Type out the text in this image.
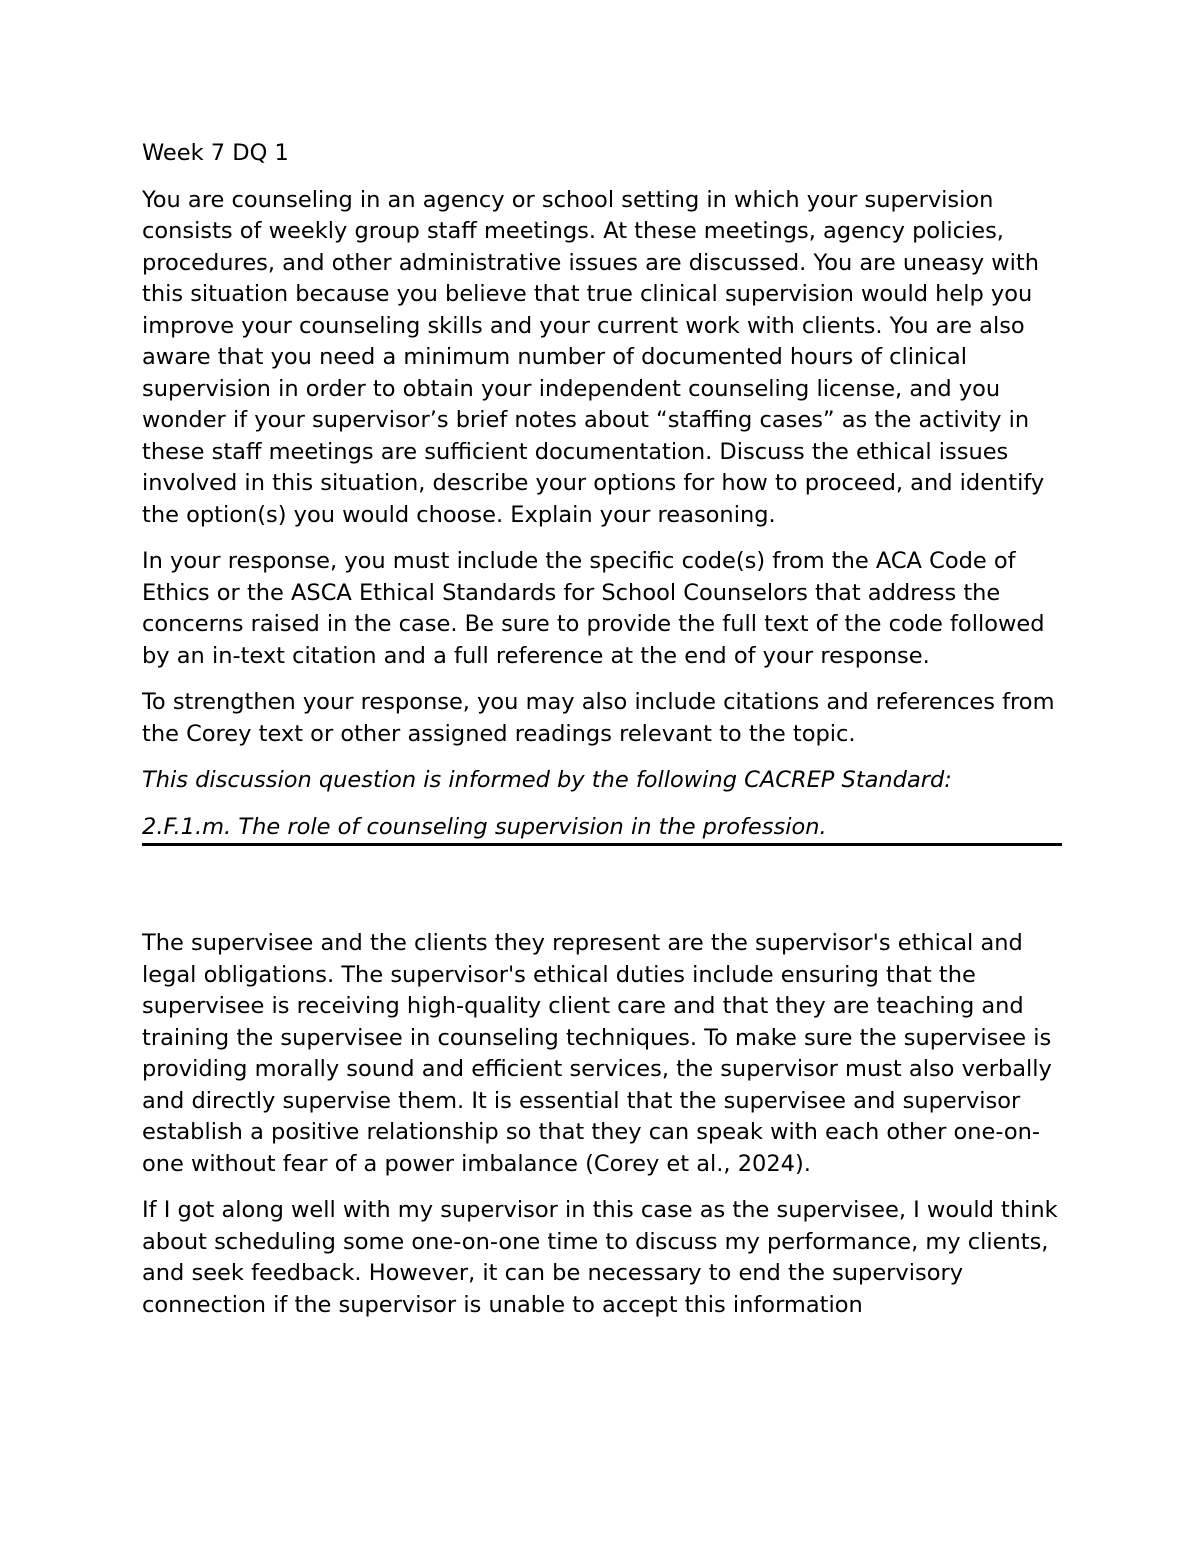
Week 7 DQ 1

You are counseling in an agency or school setting in which your supervision consists of weekly group staff meetings. At these meetings, agency policies, procedures, and other administrative issues are discussed. You are uneasy with this situation because you believe that true clinical supervision would help you improve your counseling skills and your current work with clients. You are also aware that you need a minimum number of documented hours of clinical supervision in order to obtain your independent counseling license, and you wonder if your supervisor’s brief notes about “staffing cases” as the activity in these staff meetings are sufficient documentation. Discuss the ethical issues involved in this situation, describe your options for how to proceed, and identify the option(s) you would choose. Explain your reasoning.

In your response, you must include the specific code(s) from the ACA Code of Ethics or the ASCA Ethical Standards for School Counselors that address the concerns raised in the case. Be sure to provide the full text of the code followed by an in-text citation and a full reference at the end of your response.

To strengthen your response, you may also include citations and references from the Corey text or other assigned readings relevant to the topic.

This discussion question is informed by the following CACREP Standard:

2.F.1.m. The role of counseling supervision in the profession.

The supervisee and the clients they represent are the supervisor's ethical and legal obligations. The supervisor's ethical duties include ensuring that the supervisee is receiving high-quality client care and that they are teaching and training the supervisee in counseling techniques. To make sure the supervisee is providing morally sound and efficient services, the supervisor must also verbally and directly supervise them. It is essential that the supervisee and supervisor establish a positive relationship so that they can speak with each other one-on-one without fear of a power imbalance (Corey et al., 2024).

If I got along well with my supervisor in this case as the supervisee, I would think about scheduling some one-on-one time to discuss my performance, my clients, and seek feedback. However, it can be necessary to end the supervisory connection if the supervisor is unable to accept this information
